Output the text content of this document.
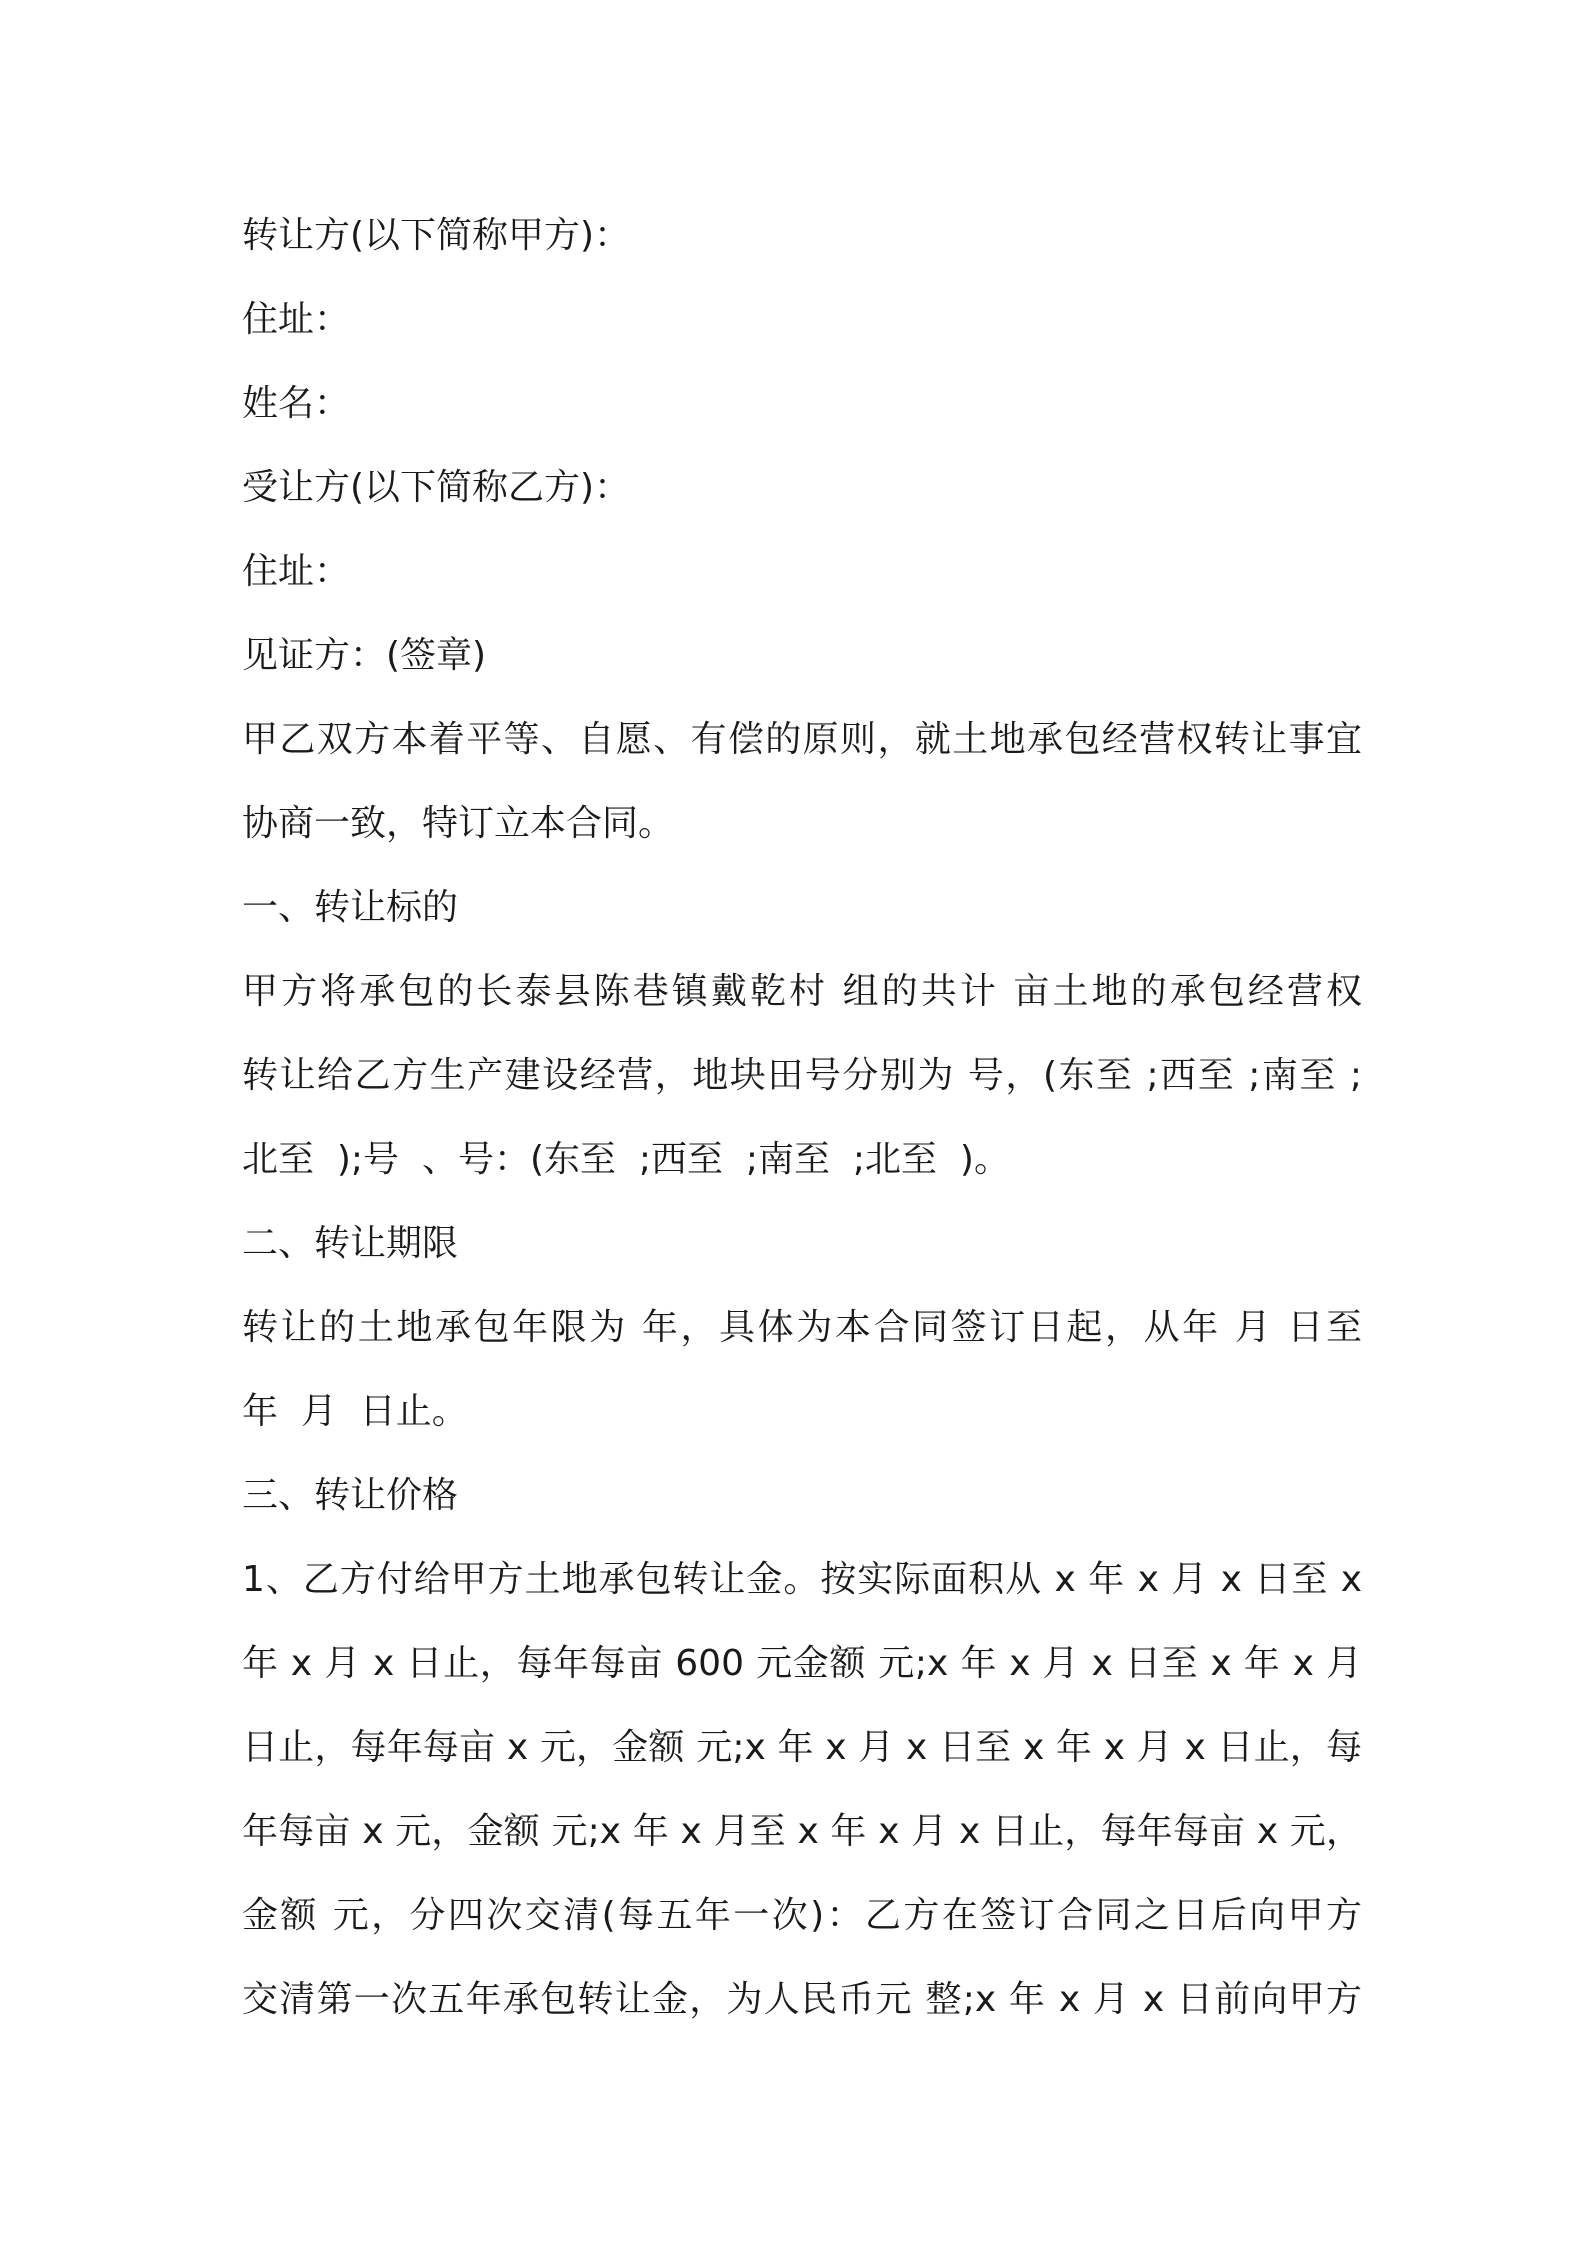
转让方(以下简称甲方)：
住址：
姓名：
受让方(以下简称乙方)：
住址：
见证方：(签章)
甲乙双方本着平等、自愿、有偿的原则，就土地承包经营权转让事宜
协商一致，特订立本合同。
一、转让标的
甲方将承包的长泰县陈巷镇戴乾村 组的共计 亩土地的承包经营权
转让给乙方生产建设经营，地块田号分别为 号，(东至 ;西至 ;南至 ;
北至  );号  、号：(东至  ;西至  ;南至  ;北至  )。
二、转让期限
转让的土地承包年限为 年，具体为本合同签订日起，从年 月 日至
年  月  日止。
三、转让价格
1、乙方付给甲方土地承包转让金。按实际面积从 x 年 x 月 x 日至 x
年 x 月 x 日止，每年每亩 600 元金额 元;x 年 x 月 x 日至 x 年 x 月
日止，每年每亩 x 元，金额 元;x 年 x 月 x 日至 x 年 x 月 x 日止，每
年每亩 x 元，金额 元;x 年 x 月至 x 年 x 月 x 日止，每年每亩 x 元，
金额 元，分四次交清(每五年一次)：乙方在签订合同之日后向甲方
交清第一次五年承包转让金，为人民币元 整;x 年 x 月 x 日前向甲方
